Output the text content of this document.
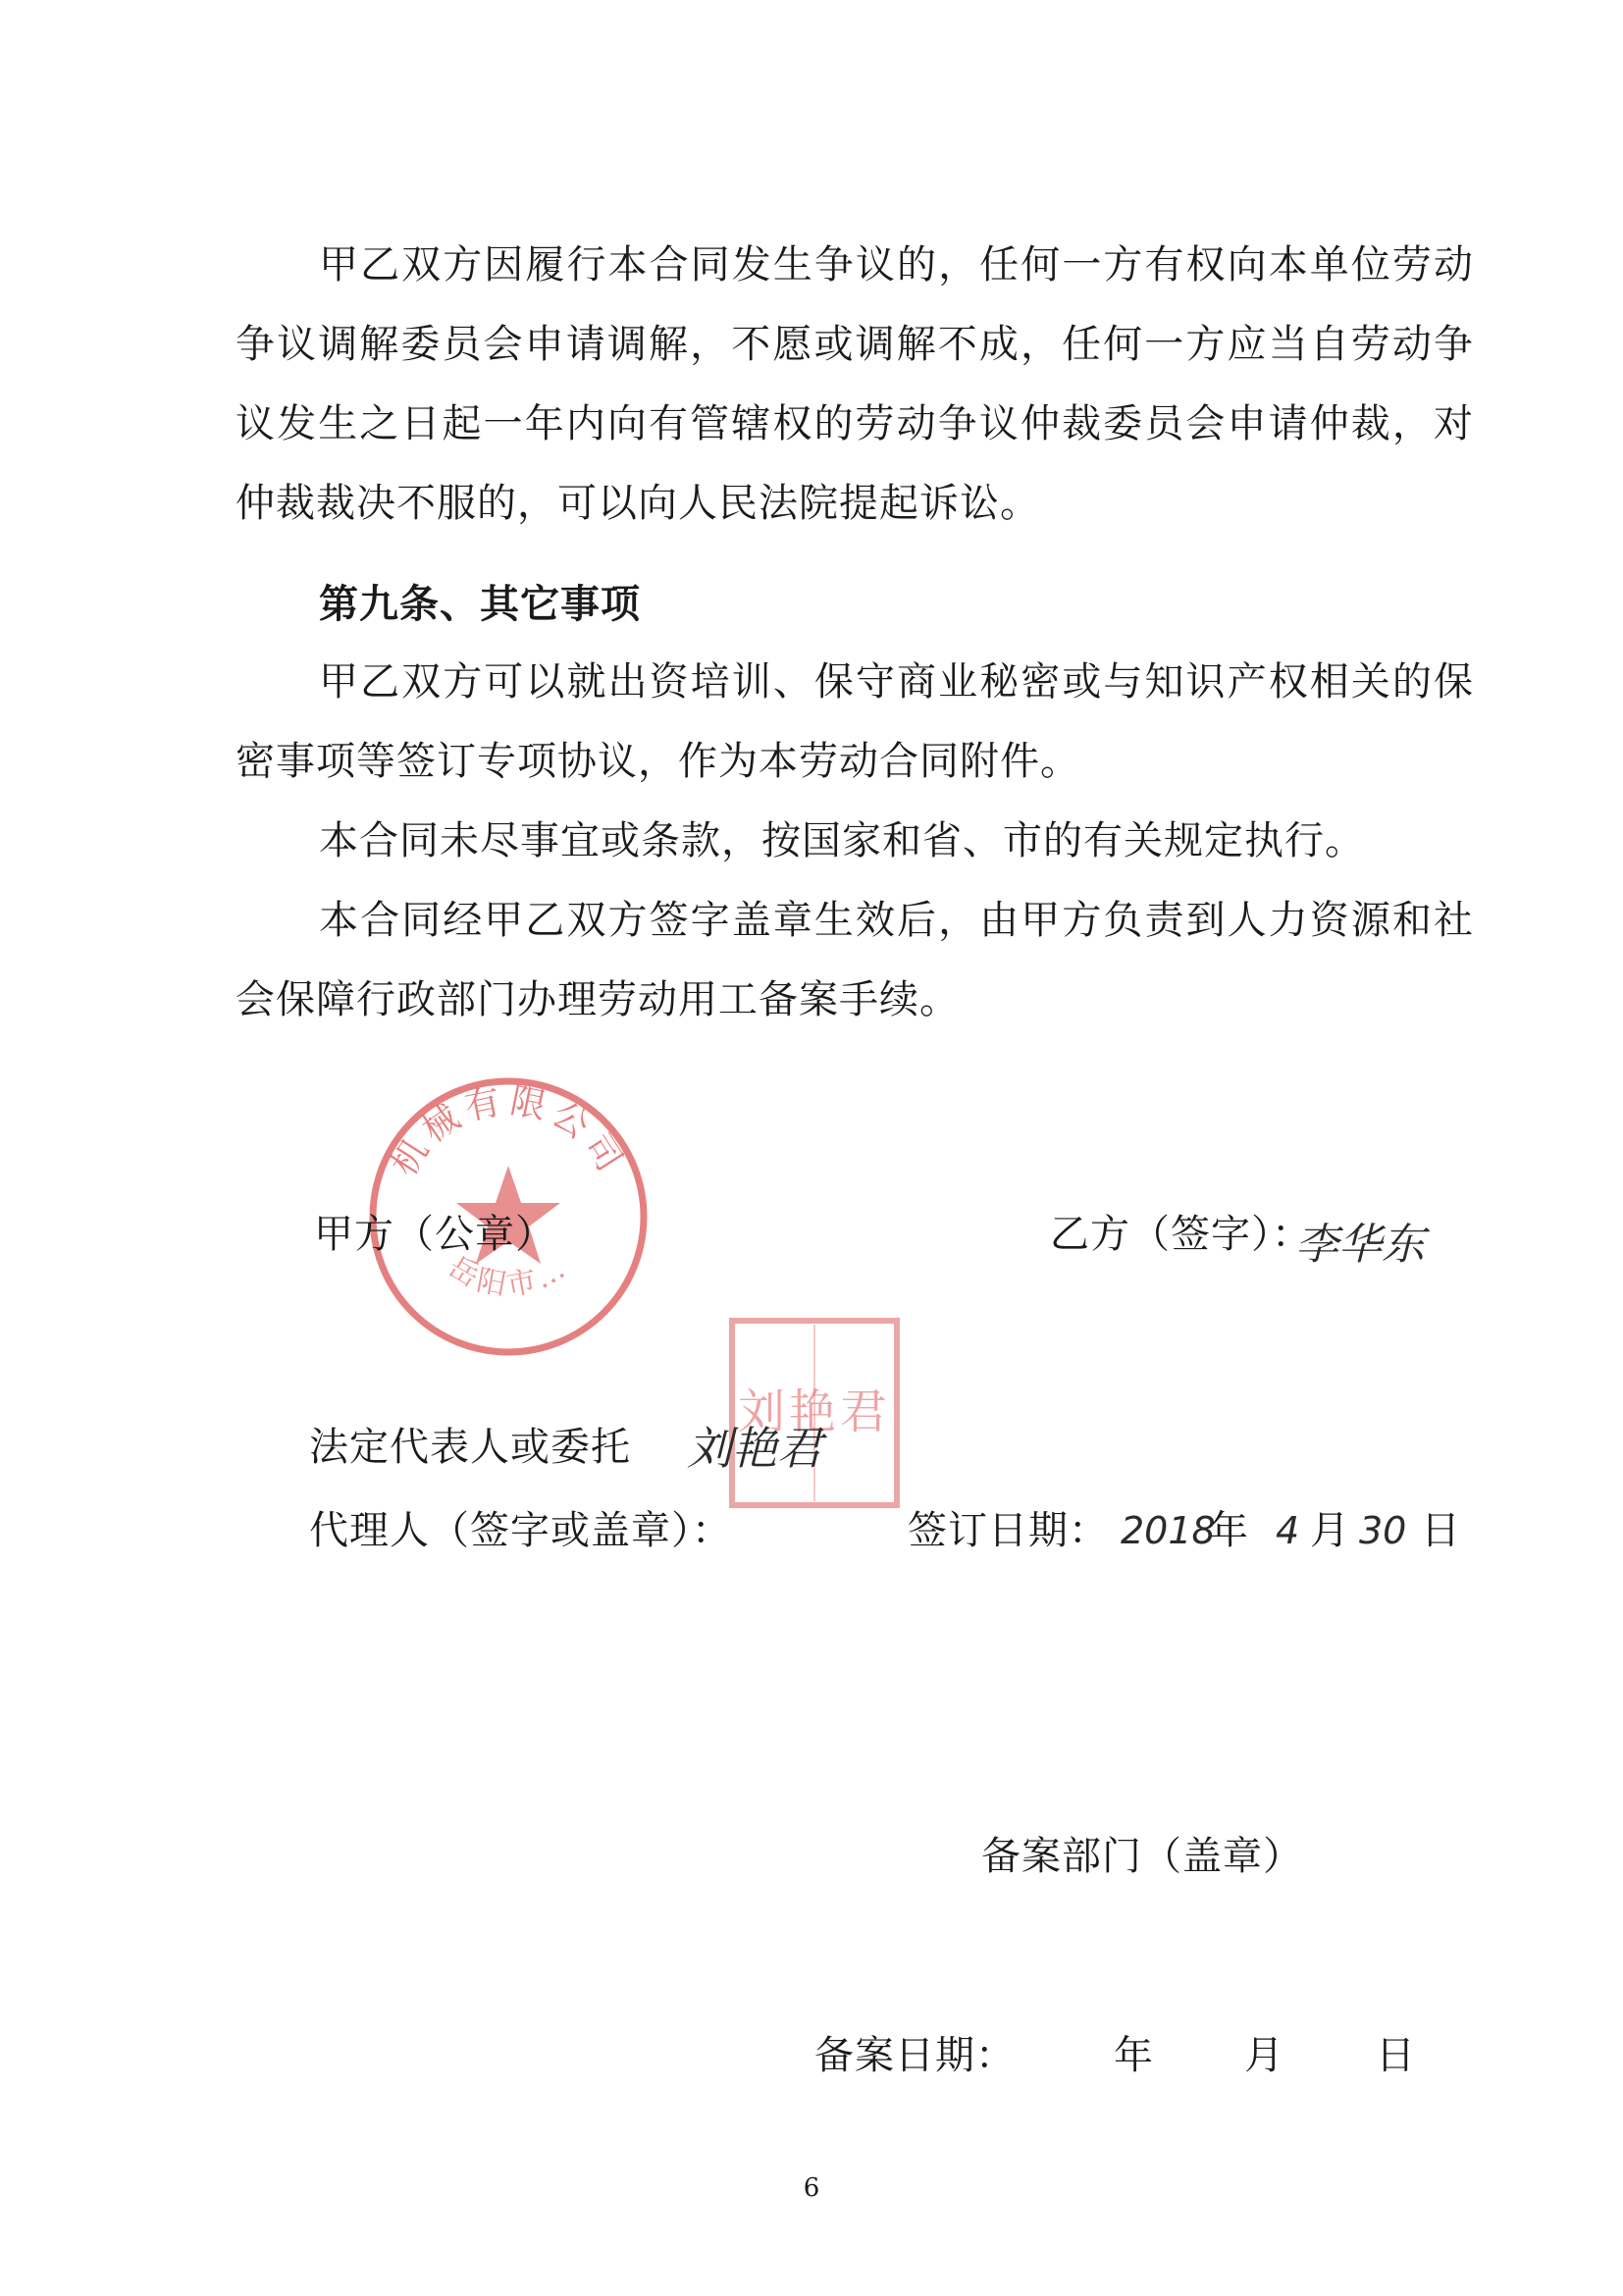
甲乙双方因履行本合同发生争议的，任何一方有权向本单位劳动争议调解委员会申请调解，不愿或调解不成，任何一方应当自劳动争议发生之日起一年内向有管辖权的劳动争议仲裁委员会申请仲裁，对仲裁裁决不服的，可以向人民法院提起诉讼。

第九条、其它事项

甲乙双方可以就出资培训、保守商业秘密或与知识产权相关的保密事项等签订专项协议，作为本劳动合同附件。

本合同未尽事宜或条款，按国家和省、市的有关规定执行。

本合同经甲乙双方签字盖章生效后，由甲方负责到人力资源和社会保障行政部门办理劳动用工备案手续。

机械有限公司
岳阳市…
甲方（公章）	乙方（签字）：
李华东
刘艳君
法定代表人或委托 刘艳君
代理人（签字或盖章）：	签订日期： 2018
年 4 月 30 日
备案部门（盖章）
备案日期：	年 月 日
6
